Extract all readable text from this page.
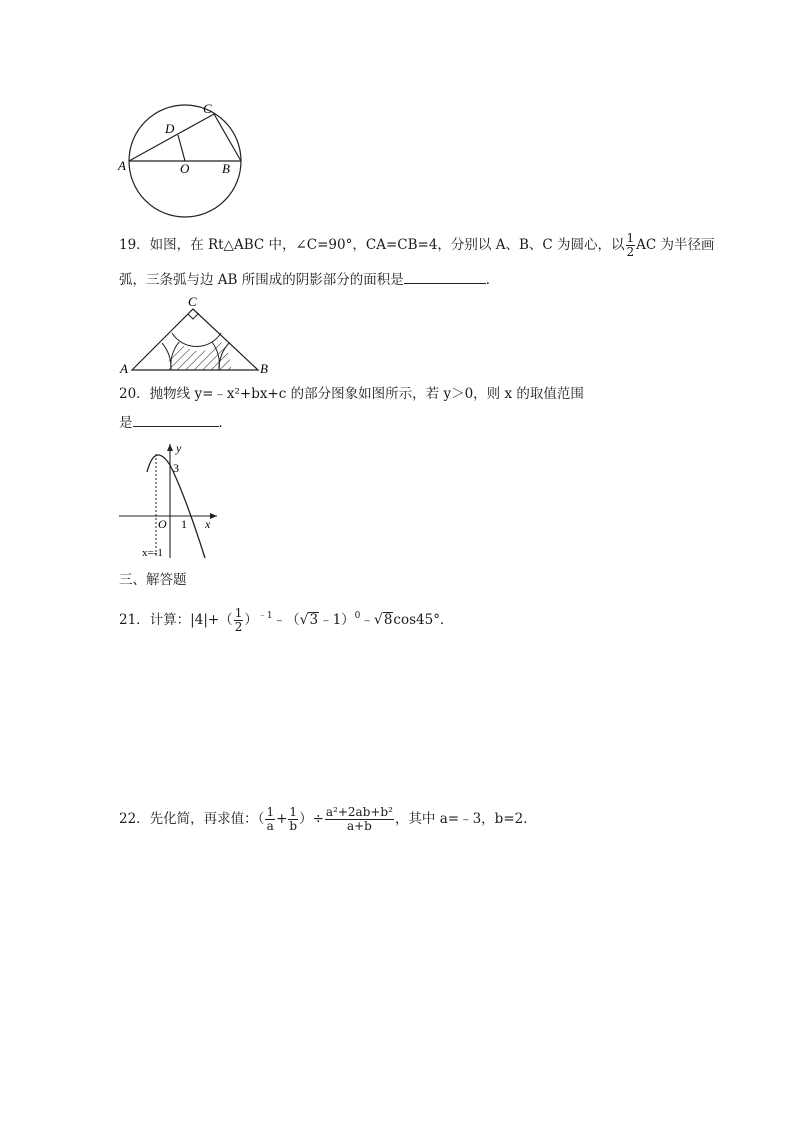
C
D
A	O	B
19．如图，在 Rt△ABC 中，∠C=90°，CA=CB=4，分别以 A、B、C 为圆心，以 $\frac{1}{2}$ AC 为半径画
弧，三条弧与边 AB 所围成的阴影部分的面积是	．
C
A	B
20．抛物线 y=﹣x²+bx+c 的部分图象如图所示，若 y＞0，则 x 的取值范围
是	．
y
3
O 1 x
x=-1
三、解答题
21．计算：$|4|+( \frac{1}{2}$ ）$^{﹣1}﹣(√3﹣1)^0﹣√8\cos 45^\circ$．
22．先化简，再求值：（ $\frac{1}{a} + \frac{1}{b}$ ）÷ $\frac{\text{a²+2ab+b²}}{a+b}$ ，其中 a=﹣3，b=2．
